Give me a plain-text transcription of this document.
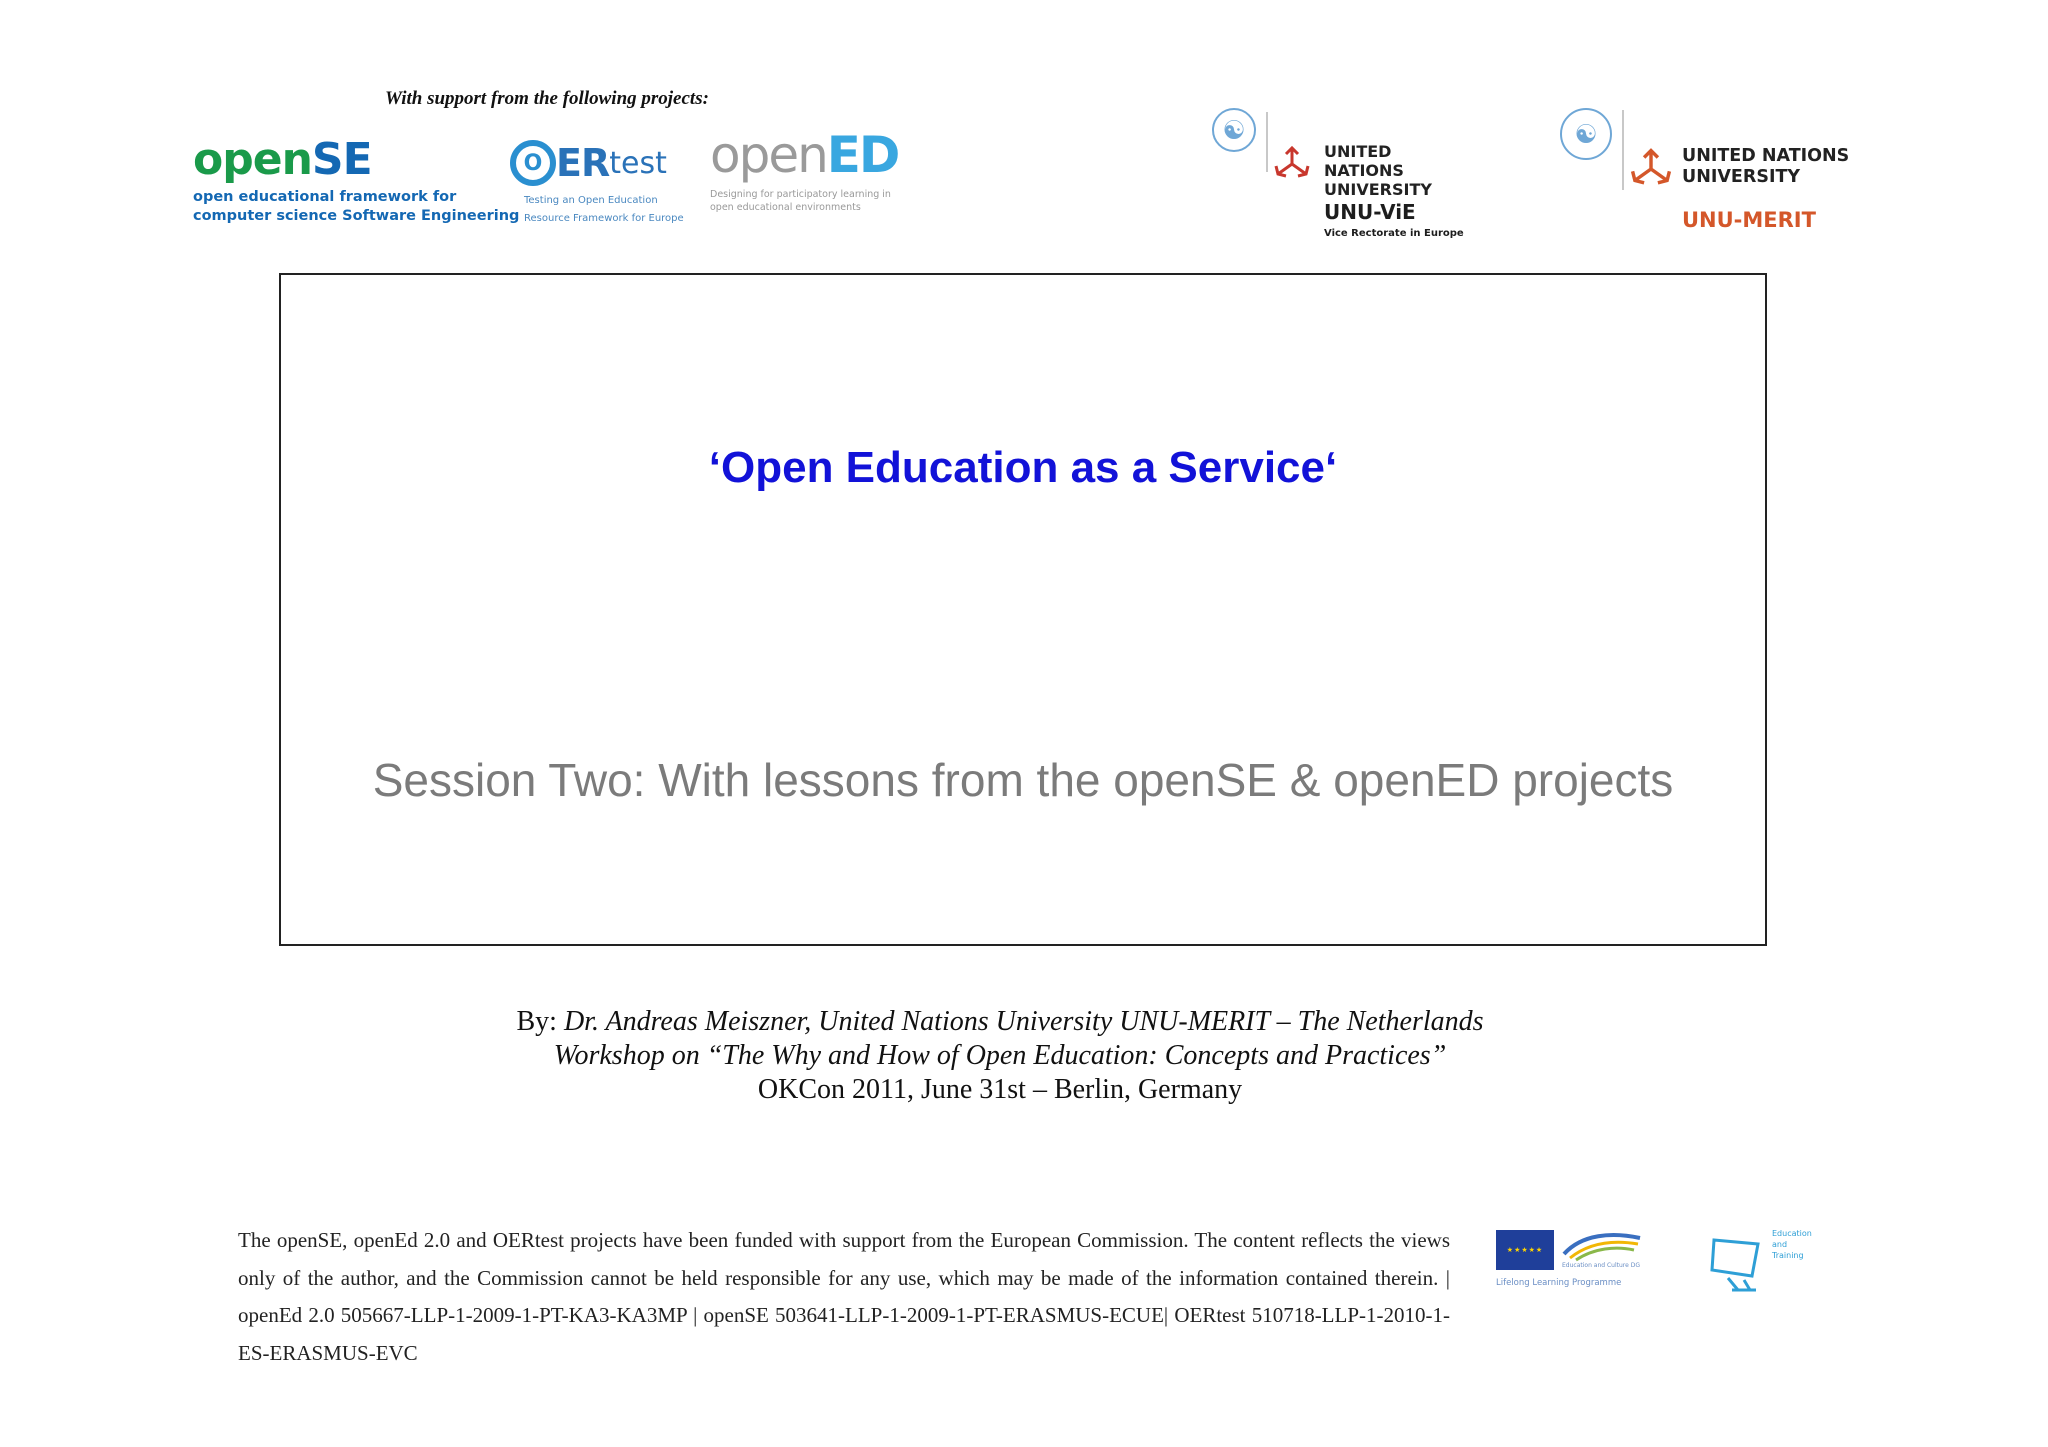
With support from the following projects:
openSE
open educational framework for
computer science Software Engineering
O ER test
Testing an Open Education
Resource Framework for Europe
openED
Designing for participatory learning in
open educational environments
☯
UNITED NATIONS
UNIVERSITY
UNU-ViE
Vice Rectorate in Europe
☯
UNITED NATIONS
UNIVERSITY
UNU-MERIT
‘Open Education as a Service‘
Session Two: With lessons from the openSE & openED projects
By: Dr. Andreas Meiszner, United Nations University UNU-MERIT – The Netherlands
Workshop on “The Why and How of Open Education: Concepts and Practices”
OKCon 2011, June 31st – Berlin, Germany
The openSE, openEd 2.0 and OERtest projects have been funded with support from the European Commission. The content reflects the views only of the author, and the Commission cannot be held responsible for any use, which may be made of the information contained therein. | openEd 2.0 505667-LLP-1-2009-1-PT-KA3-KA3MP | openSE 503641-LLP-1-2009-1-PT-ERASMUS-ECUE| OERtest 510718-LLP-1-2010-1-ES-ERASMUS-EVC
★★★★★
Education and Culture DG
Lifelong Learning Programme
Education
and
Training
